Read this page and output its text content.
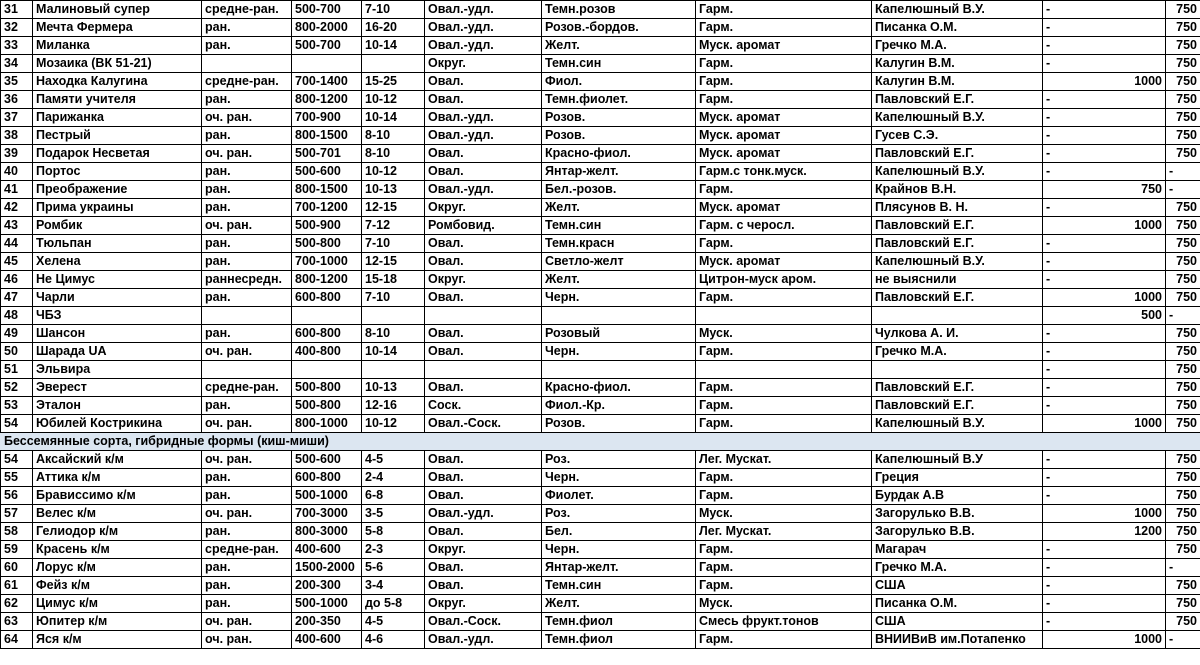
31	Малиновый супер	средне-ран.	500-700	7-10	Овал.-удл.	Темн.розов	Гарм.	Капелюшный В.У.	-		750
32	Мечта Фермера	ран.	800-2000	16-20	Овал.-удл.	Розов.-бордов.	Гарм.	Писанка О.М.	-		750
33	Миланка	ран.	500-700	10-14	Овал.-удл.	Желт.	Муск. аромат	Гречко М.А.	-		750
34	Мозаика (ВК 51-21)				Округ.	Темн.син	Гарм.	Калугин В.М.	-		750
35	Находка Калугина	средне-ран.	700-1400	15-25	Овал.	Фиол.	Гарм.	Калугин В.М.		1000	750
36	Памяти учителя	ран.	800-1200	10-12	Овал.	Темн.фиолет.	Гарм.	Павловский Е.Г.	-		750
37	Парижанка	оч. ран.	700-900	10-14	Овал.-удл.	Розов.	Муск. аромат	Капелюшный В.У.	-		750
38	Пестрый	ран.	800-1500	8-10	Овал.-удл.	Розов.	Муск. аромат	Гусев С.Э.	-		750
39	Подарок Несветая	оч. ран.	500-701	8-10	Овал.	Красно-фиол.	Муск. аромат	Павловский Е.Г.	-		750
40	Портос	ран.	500-600	10-12	Овал.	Янтар-желт.	Гарм.с тонк.муск.	Капелюшный В.У.	-		-
41	Преображение	ран.	800-1500	10-13	Овал.-удл.	Бел.-розов.	Гарм.	Крайнов В.Н.		750	-
42	Прима украины	ран.	700-1200	12-15	Округ.	Желт.	Муск. аромат	Плясунов В. Н.	-		750
43	Ромбик	оч. ран.	500-900	7-12	Ромбовид.	Темн.син	Гарм. с черосл.	Павловский Е.Г.		1000	750
44	Тюльпан	ран.	500-800	7-10	Овал.	Темн.красн	Гарм.	Павловский Е.Г.	-		750
45	Хелена	ран.	700-1000	12-15	Овал.	Светло-желт	Муск. аромат	Капелюшный В.У.	-		750
46	Не Цимус	раннесредн.	800-1200	15-18	Округ.	Желт.	Цитрон-муск аром.	не выяснили	-		750
47	Чарли	ран.	600-800	7-10	Овал.	Черн.	Гарм.	Павловский Е.Г.		1000	750
48	ЧБЗ									500	-
49	Шансон	ран.	600-800	8-10	Овал.	Розовый	Муск.	Чулкова А. И.	-		750
50	Шарада UA	оч. ран.	400-800	10-14	Овал.	Черн.	Гарм.	Гречко М.А.	-		750
51	Эльвира								-		750
52	Эверест	средне-ран.	500-800	10-13	Овал.	Красно-фиол.	Гарм.	Павловский Е.Г.	-		750
53	Эталон	ран.	500-800	12-16	Соск.	Фиол.-Кр.	Гарм.	Павловский Е.Г.	-		750
54	Юбилей Кострикина	оч. ран.	800-1000	10-12	Овал.-Соск.	Розов.	Гарм.	Капелюшный В.У.		1000	750
Бессемянные сорта, гибридные формы (киш-миши)											
54	Аксайский к/м	оч. ран.	500-600	4-5	Овал.	Роз.	Лег. Мускат.	Капелюшный В.У	-		750
55	Аттика к/м	ран.	600-800	2-4	Овал.	Черн.	Гарм.	Греция	-		750
56	Брависсимо к/м	ран.	500-1000	6-8	Овал.	Фиолет.	Гарм.	Бурдак А.В	-		750
57	Велес к/м	оч. ран.	700-3000	3-5	Овал.-удл.	Роз.	Муск.	Загорулько В.В.		1000	750
58	Гелиодор к/м	ран.	800-3000	5-8	Овал.	Бел.	Лег. Мускат.	Загорулько В.В.		1200	750
59	Красень к/м	средне-ран.	400-600	2-3	Округ.	Черн.	Гарм.	Магарач	-		750
60	Лорус к/м	ран.	1500-2000	5-6	Овал.	Янтар-желт.	Гарм.	Гречко М.А.	-		-
61	Фейз к/м	ран.	200-300	3-4	Овал.	Темн.син	Гарм.	США	-		750
62	Цимус к/м	ран.	500-1000	до 5-8	Округ.	Желт.	Муск.	Писанка О.М.	-		750
63	Юпитер к/м	оч. ран.	200-350	4-5	Овал.-Соск.	Темн.фиол	Смесь фрукт.тонов	США	-		750
64	Яся к/м	оч. ран.	400-600	4-6	Овал.-удл.	Темн.фиол	Гарм.	ВНИИВиВ им.Потапенко		1000	-
